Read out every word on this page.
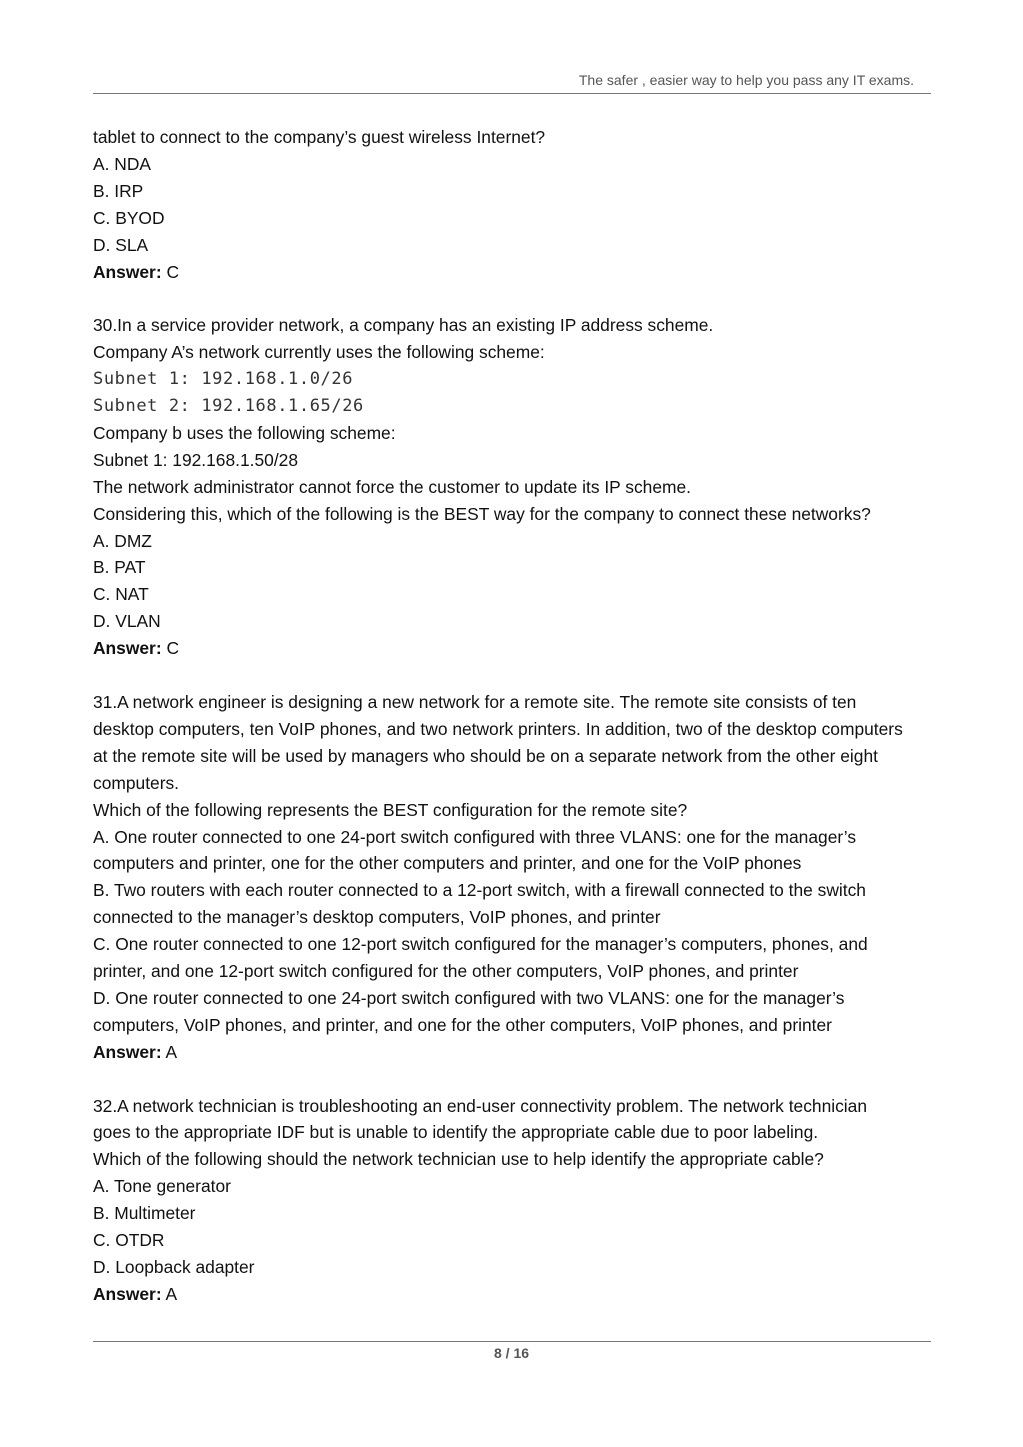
The safer , easier way to help you pass any IT exams.
tablet to connect to the company’s guest wireless Internet?
A. NDA
B. IRP
C. BYOD
D. SLA
Answer: C
30.In a service provider network, a company has an existing IP address scheme.
Company A’s network currently uses the following scheme:
Subnet 1: 192.168.1.0/26
Subnet 2: 192.168.1.65/26
Company b uses the following scheme:
Subnet 1: 192.168.1.50/28
The network administrator cannot force the customer to update its IP scheme.
Considering this, which of the following is the BEST way for the company to connect these networks?
A. DMZ
B. PAT
C. NAT
D. VLAN
Answer: C
31.A network engineer is designing a new network for a remote site. The remote site consists of ten
desktop computers, ten VoIP phones, and two network printers. In addition, two of the desktop computers
at the remote site will be used by managers who should be on a separate network from the other eight
computers.
Which of the following represents the BEST configuration for the remote site?
A. One router connected to one 24-port switch configured with three VLANS: one for the manager’s
computers and printer, one for the other computers and printer, and one for the VoIP phones
B. Two routers with each router connected to a 12-port switch, with a firewall connected to the switch
connected to the manager’s desktop computers, VoIP phones, and printer
C. One router connected to one 12-port switch configured for the manager’s computers, phones, and
printer, and one 12-port switch configured for the other computers, VoIP phones, and printer
D. One router connected to one 24-port switch configured with two VLANS: one for the manager’s
computers, VoIP phones, and printer, and one for the other computers, VoIP phones, and printer
Answer: A
32.A network technician is troubleshooting an end-user connectivity problem. The network technician
goes to the appropriate IDF but is unable to identify the appropriate cable due to poor labeling.
Which of the following should the network technician use to help identify the appropriate cable?
A. Tone generator
B. Multimeter
C. OTDR
D. Loopback adapter
Answer: A
8 / 16
